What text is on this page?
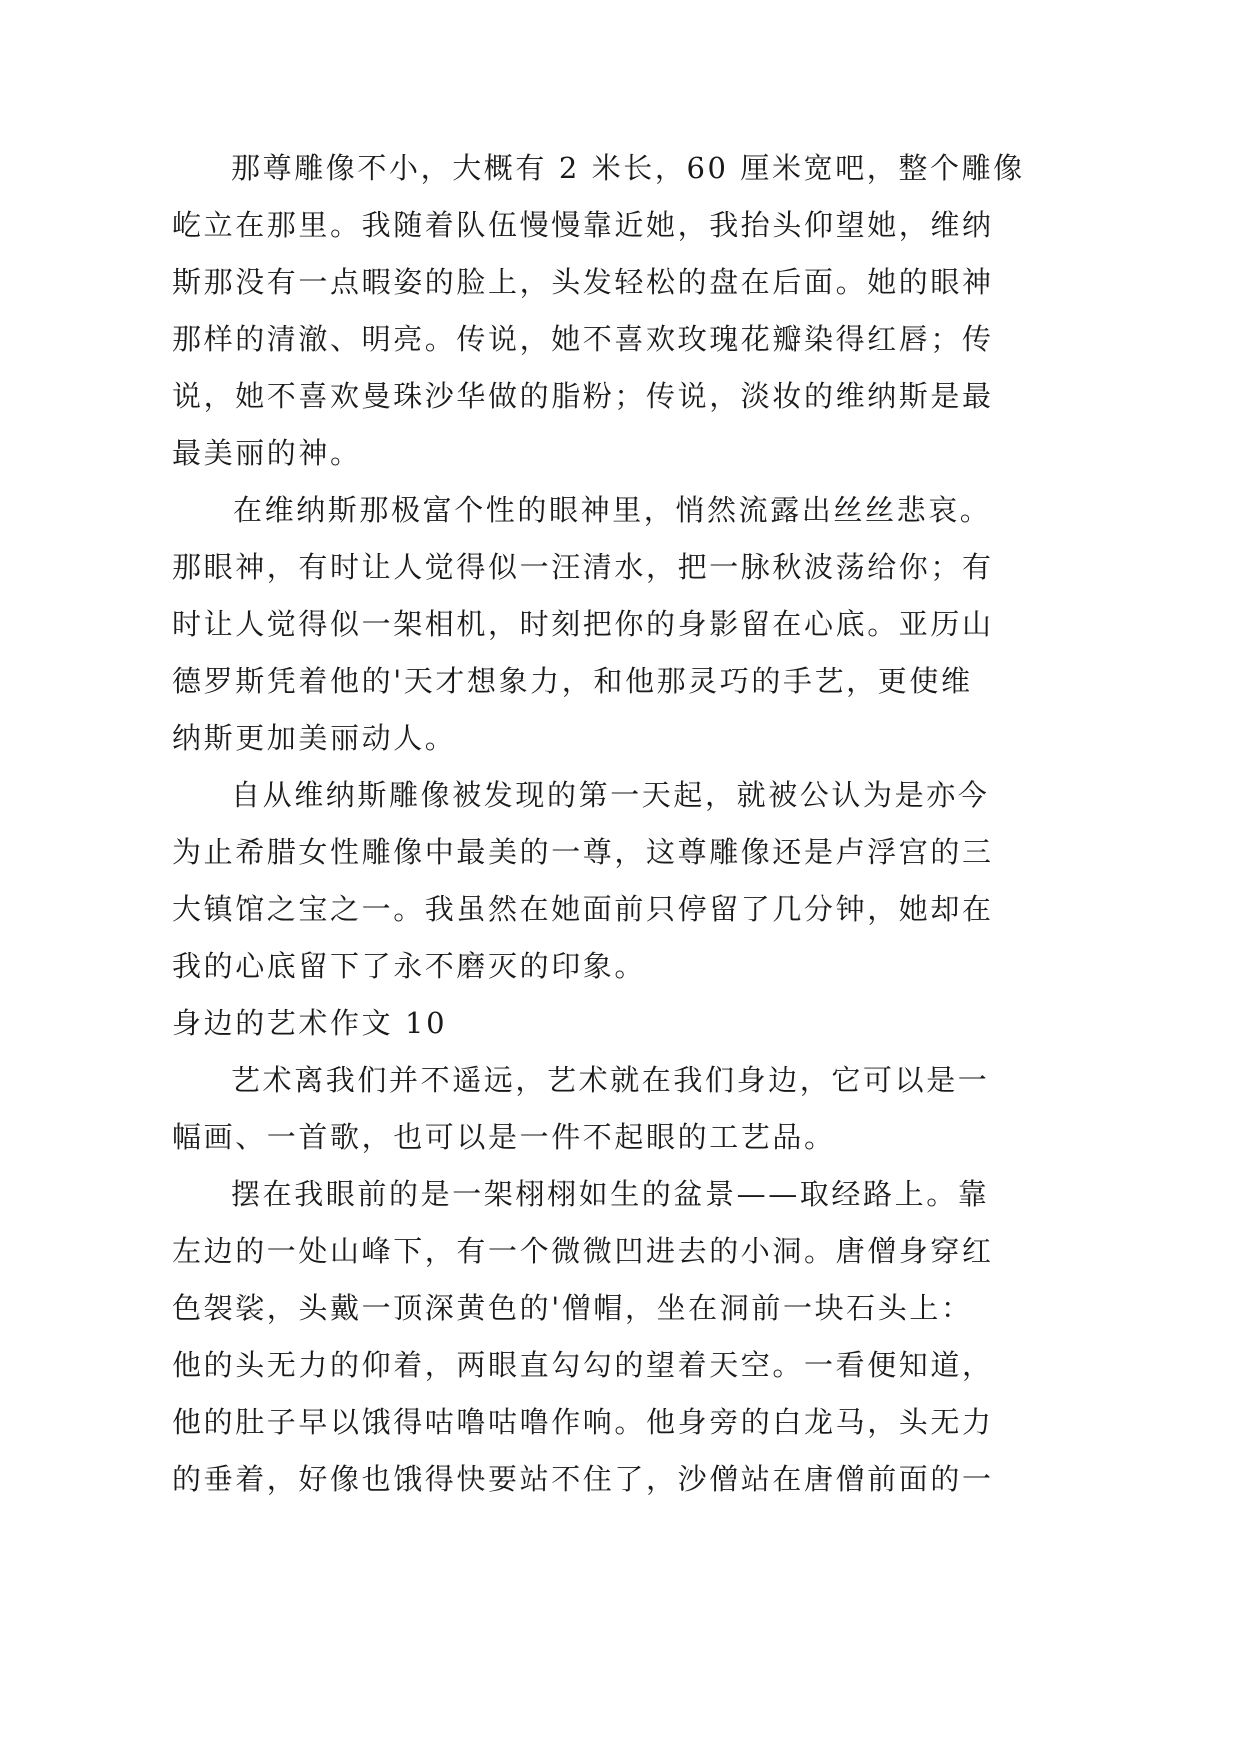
那尊雕像不小，大概有 2 米长，60 厘米宽吧，整个雕像
屹立在那里。我随着队伍慢慢靠近她，我抬头仰望她，维纳
斯那没有一点暇姿的脸上，头发轻松的盘在后面。她的眼神
那样的清澈、明亮。传说，她不喜欢玫瑰花瓣染得红唇；传
说，她不喜欢曼珠沙华做的脂粉；传说，淡妆的维纳斯是最
最美丽的神。
在维纳斯那极富个性的眼神里，悄然流露出丝丝悲哀。
那眼神，有时让人觉得似一汪清水，把一脉秋波荡给你；有
时让人觉得似一架相机，时刻把你的身影留在心底。亚历山
德罗斯凭着他的'天才想象力，和他那灵巧的手艺，更使维
纳斯更加美丽动人。
自从维纳斯雕像被发现的第一天起，就被公认为是亦今
为止希腊女性雕像中最美的一尊，这尊雕像还是卢浮宫的三
大镇馆之宝之一。我虽然在她面前只停留了几分钟，她却在
我的心底留下了永不磨灭的印象。
身边的艺术作文 10
艺术离我们并不遥远，艺术就在我们身边，它可以是一
幅画、一首歌，也可以是一件不起眼的工艺品。
摆在我眼前的是一架栩栩如生的盆景——取经路上。靠
左边的一处山峰下，有一个微微凹进去的小洞。唐僧身穿红
色袈裟，头戴一顶深黄色的'僧帽，坐在洞前一块石头上：
他的头无力的仰着，两眼直勾勾的望着天空。一看便知道，
他的肚子早以饿得咕噜咕噜作响。他身旁的白龙马，头无力
的垂着，好像也饿得快要站不住了，沙僧站在唐僧前面的一
